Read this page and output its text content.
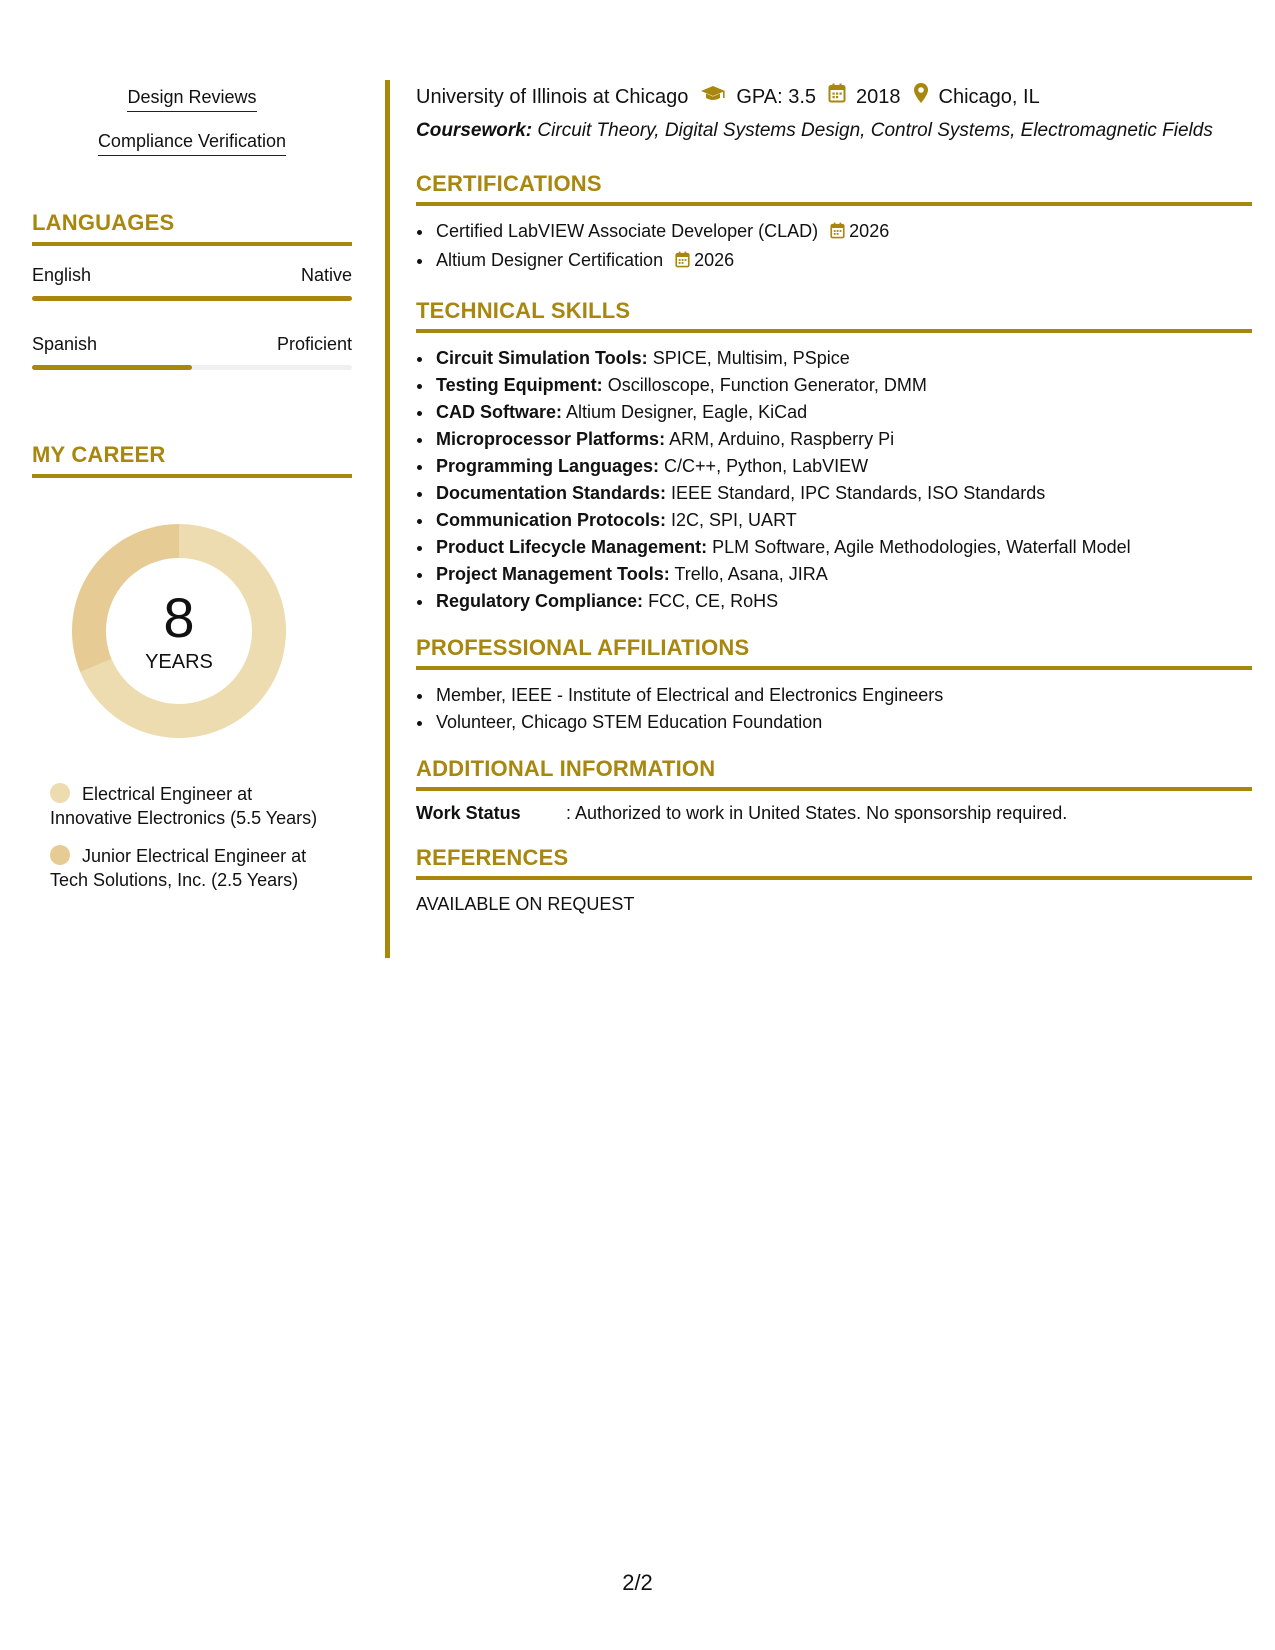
Design Reviews
Compliance Verification
LANGUAGES
English	Native
Spanish	Proficient
MY CAREER
8
YEARS
Electrical Engineer at Innovative Electronics (5.5 Years)
Junior Electrical Engineer at Tech Solutions, Inc. (2.5 Years)
University of Illinois at Chicago GPA: 3.5 2018 Chicago, IL
Coursework: Circuit Theory, Digital Systems Design, Control Systems, Electromagnetic Fields
CERTIFICATIONS
• Certified LabVIEW Associate Developer (CLAD) 2026
• Altium Designer Certification 2026
TECHNICAL SKILLS
• Circuit Simulation Tools: SPICE, Multisim, PSpice
• Testing Equipment: Oscilloscope, Function Generator, DMM
• CAD Software: Altium Designer, Eagle, KiCad
• Microprocessor Platforms: ARM, Arduino, Raspberry Pi
• Programming Languages: C/C++, Python, LabVIEW
• Documentation Standards: IEEE Standard, IPC Standards, ISO Standards
• Communication Protocols: I2C, SPI, UART
• Product Lifecycle Management: PLM Software, Agile Methodologies, Waterfall Model
• Project Management Tools: Trello, Asana, JIRA
• Regulatory Compliance: FCC, CE, RoHS
PROFESSIONAL AFFILIATIONS
• Member, IEEE - Institute of Electrical and Electronics Engineers
• Volunteer, Chicago STEM Education Foundation
ADDITIONAL INFORMATION
Work Status	: Authorized to work in United States. No sponsorship required.
REFERENCES
AVAILABLE ON REQUEST
2/2
